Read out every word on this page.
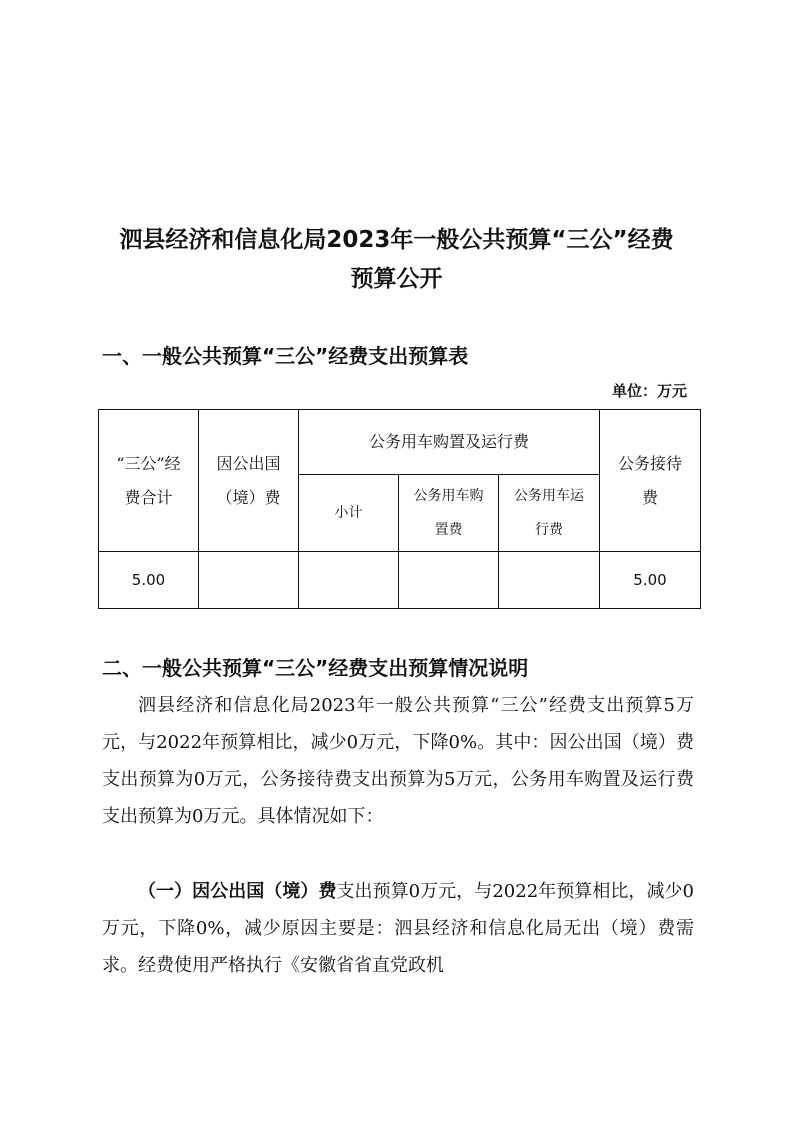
泗县经济和信息化局2023年一般公共预算“三公”经费
预算公开
一、一般公共预算“三公”经费支出预算表
单位：万元
“三公”经
费合计	因公出国
（境）费	公务用车购置及运行费			公务接待
费
		小计	公务用车购
置费	公务用车运
行费	
5.00					5.00
二、一般公共预算“三公”经费支出预算情况说明

泗县经济和信息化局2023年一般公共预算“三公”经费支出预算5万元，与2022年预算相比，减少0万元，下降0%。其中：因公出国（境）费支出预算为0万元，公务接待费支出预算为5万元，公务用车购置及运行费支出预算为0万元。具体情况如下：

（一）因公出国（境）费支出预算0万元，与2022年预算相比，减少0万元，下降0%，减少原因主要是：泗县经济和信息化局无出（境）费需求。经费使用严格执行《安徽省省直党政机
